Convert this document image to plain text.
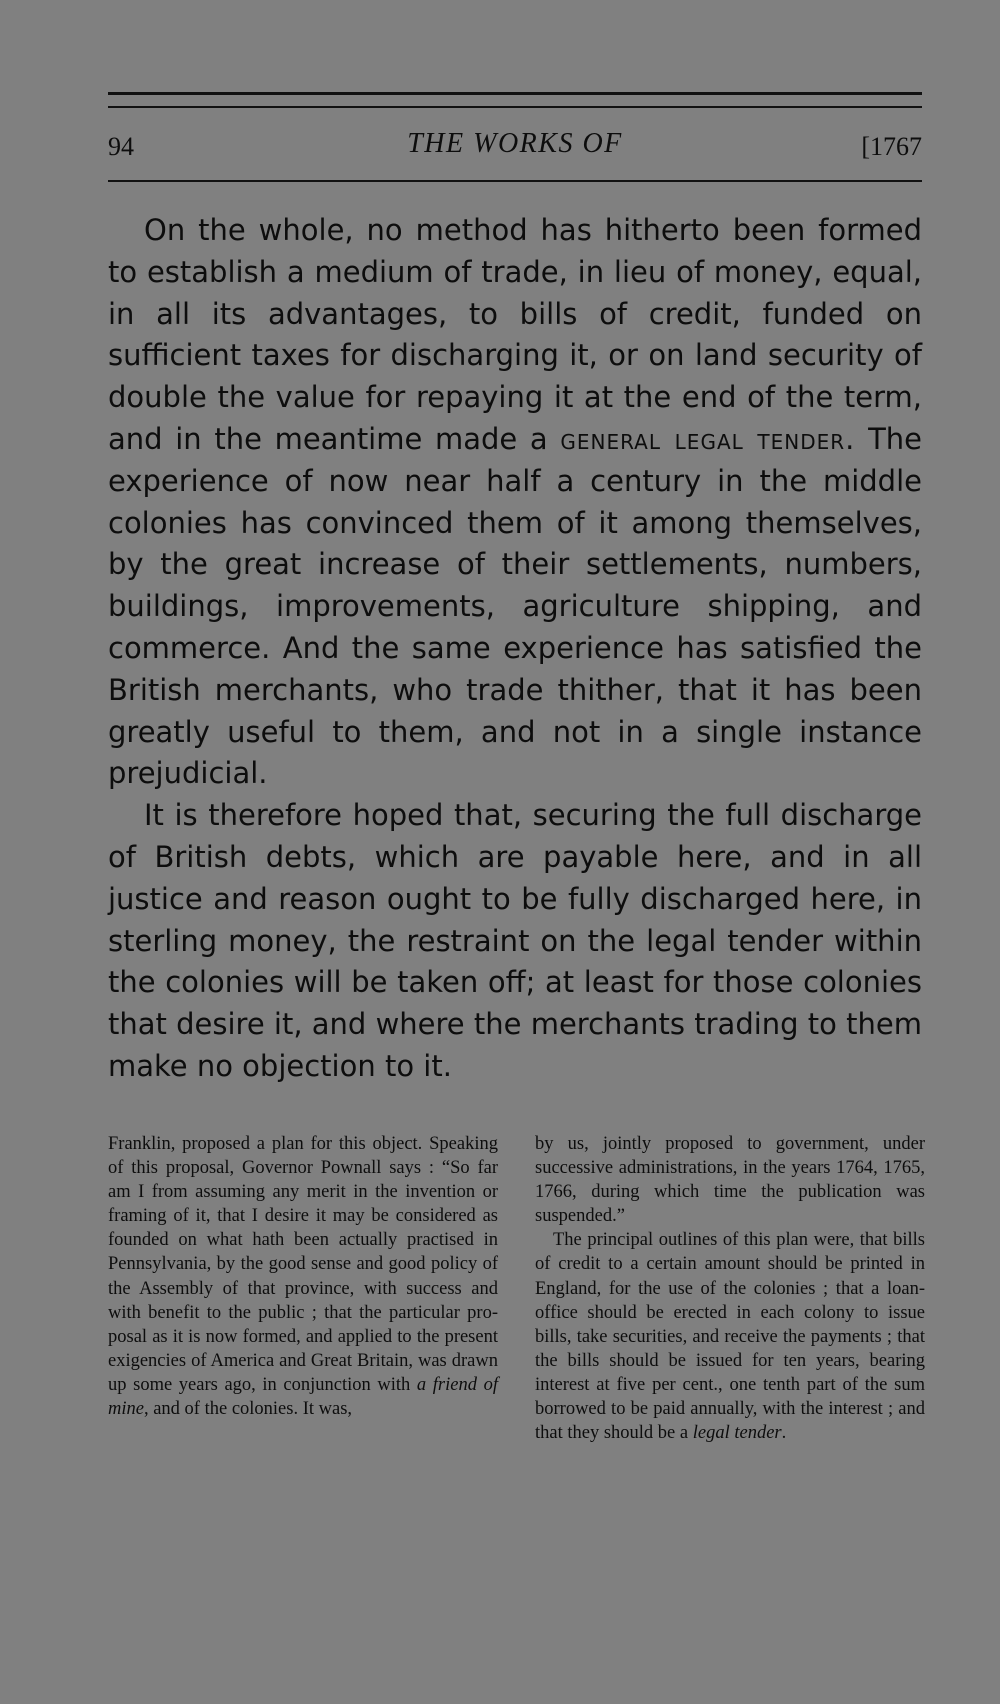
94	THE WORKS OF	[1767

On the whole, no method has hitherto been formed to establish a medium of trade, in lieu of money, equal, in all its advantages, to bills of credit, funded on sufficient taxes for discharging it, or on land security of double the value for repaying it at the end of the term, and in the meantime made a general legal tender. The experience of now near half a century in the middle colonies has convinced them of it among themselves, by the great increase of their settlements, numbers, buildings, improvements, agriculture shipping, and commerce. And the same experience has satisfied the British merchants, who trade thither, that it has been greatly useful to them, and not in a single instance prejudicial.

It is therefore hoped that, securing the full discharge of British debts, which are payable here, and in all justice and reason ought to be fully discharged here, in sterling money, the restraint on the legal tender within the colonies will be taken off; at least for those colonies that desire it, and where the merchants trading to them make no objection to it.

Franklin, proposed a plan for this object. Speaking of this proposal, Governor Pownall says : “So far am I from assuming any merit in the invention or framing of it, that I desire it may be considered as founded on what hath been actually practised in Pennsylvania, by the good sense and good policy of the Assembly of that province, with success and with benefit to the public ; that the particular proposal as it is now formed, and applied to the present exigencies of America and Great Britain, was drawn up some years ago, in conjunction with a friend of mine, and of the colonies. It was,

by us, jointly proposed to government, under successive administrations, in the years 1764, 1765, 1766, during which time the publication was suspended.”

The principal outlines of this plan were, that bills of credit to a certain amount should be printed in England, for the use of the colonies ; that a loan-office should be erected in each colony to issue bills, take securities, and receive the payments ; that the bills should be issued for ten years, bearing interest at five per cent., one tenth part of the sum borrowed to be paid annually, with the interest ; and that they should be a legal tender.
